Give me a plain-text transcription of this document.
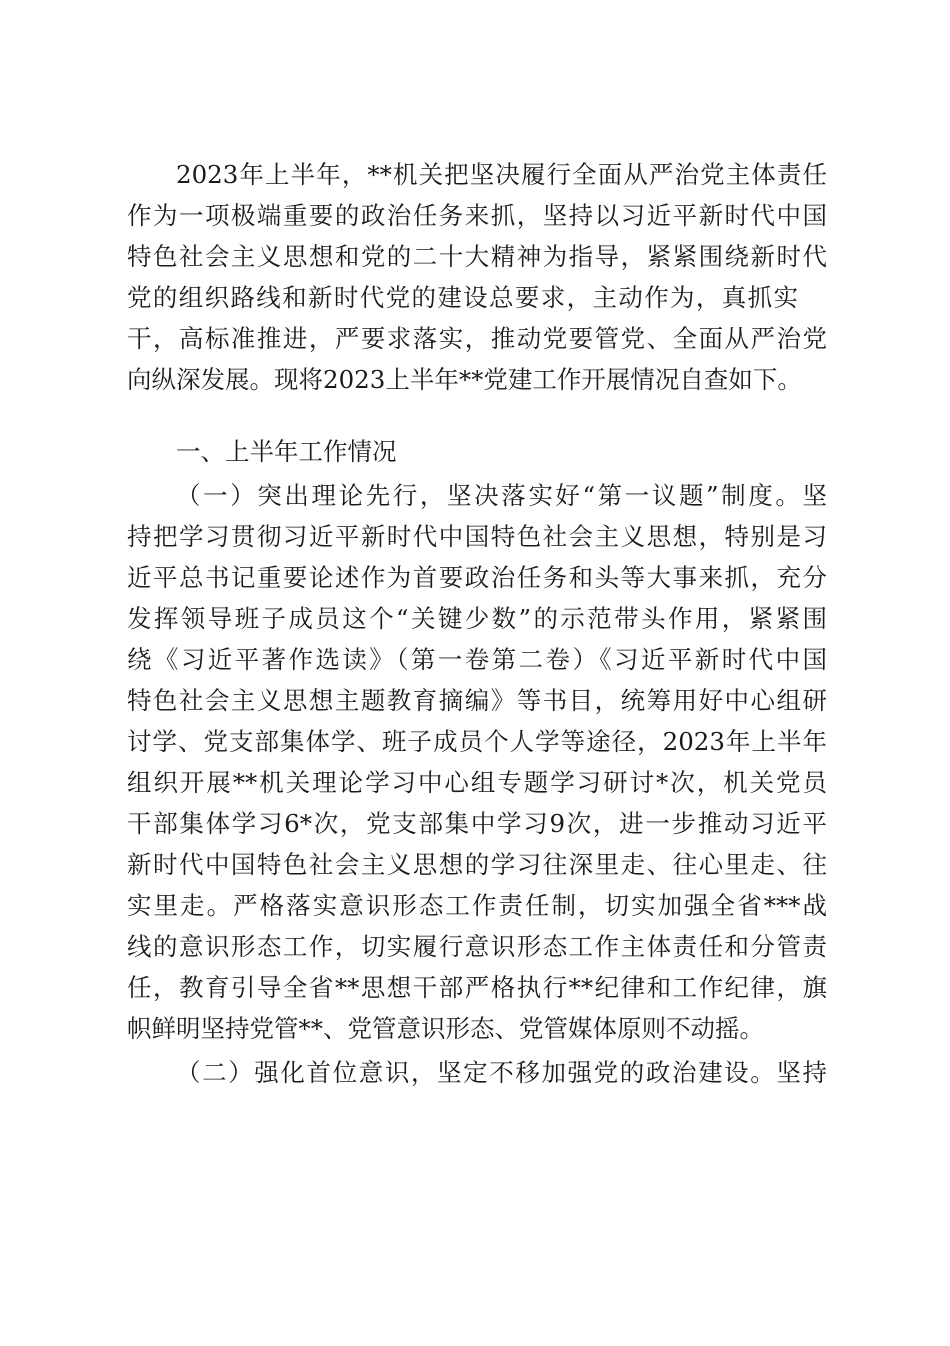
2023年上半年，**机关把坚决履行全面从严治党主体责任
作为一项极端重要的政治任务来抓，坚持以习近平新时代中国
特色社会主义思想和党的二十大精神为指导，紧紧围绕新时代
党的组织路线和新时代党的建设总要求，主动作为，真抓实
干，高标准推进，严要求落实，推动党要管党、全面从严治党
向纵深发展。现将2023上半年**党建工作开展情况自查如下。
一、上半年工作情况
（一）突出理论先行，坚决落实好“第一议题”制度。坚
持把学习贯彻习近平新时代中国特色社会主义思想，特别是习
近平总书记重要论述作为首要政治任务和头等大事来抓，充分
发挥领导班子成员这个“关键少数”的示范带头作用，紧紧围
绕《习近平著作选读》（第一卷第二卷）《习近平新时代中国
特色社会主义思想主题教育摘编》等书目，统筹用好中心组研
讨学、党支部集体学、班子成员个人学等途径，2023年上半年
组织开展**机关理论学习中心组专题学习研讨*次，机关党员
干部集体学习6*次，党支部集中学习9次，进一步推动习近平
新时代中国特色社会主义思想的学习往深里走、往心里走、往
实里走。严格落实意识形态工作责任制，切实加强全省***战
线的意识形态工作，切实履行意识形态工作主体责任和分管责
任，教育引导全省**思想干部严格执行**纪律和工作纪律，旗
帜鲜明坚持党管**、党管意识形态、党管媒体原则不动摇。
（二）强化首位意识，坚定不移加强党的政治建设。坚持
